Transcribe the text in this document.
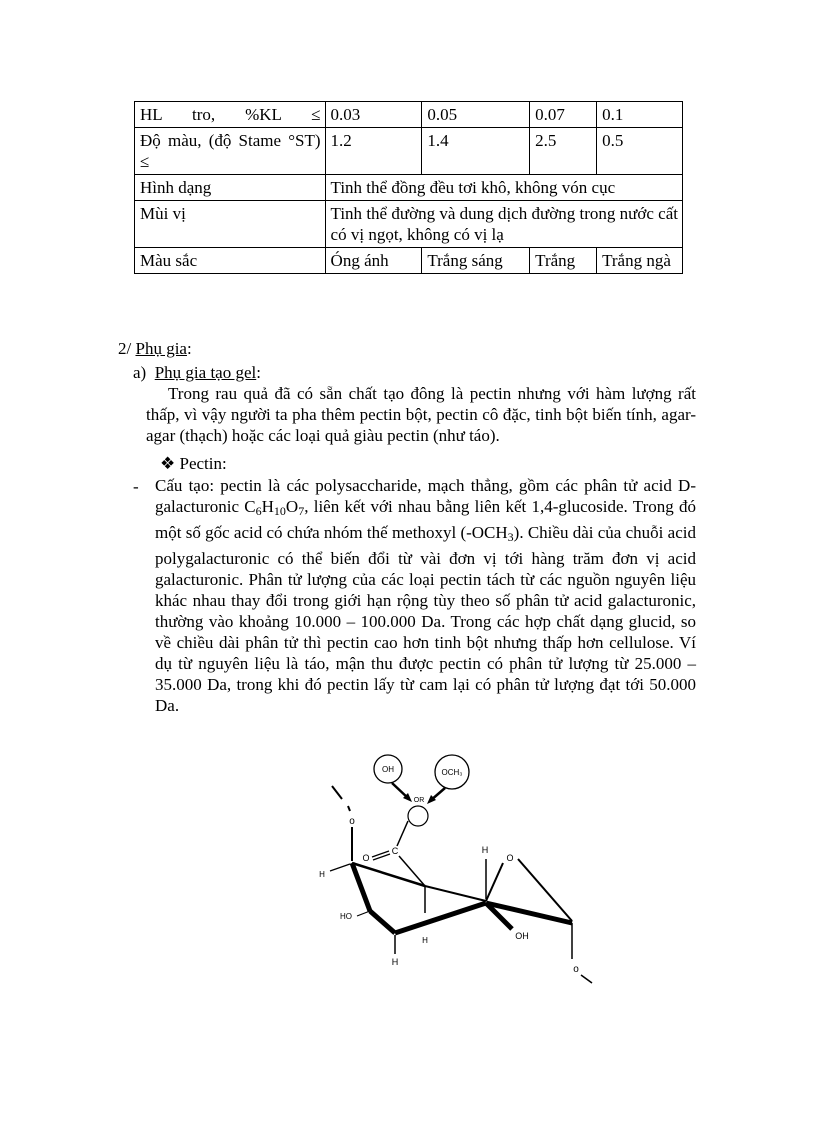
HL tro, %KL ≤	0.03	0.05	0.07	0.1
Độ màu, (độ Stame °ST) ≤	1.2	1.4	2.5	0.5
Hình dạng	Tinh thể đồng đều tơi khô, không vón cục			
Mùi vị	Tinh thể đường và dung dịch đường trong nước cất có vị ngọt, không có vị lạ			
Màu sắc	Óng ánh	Trắng sáng	Trắng	Trắng ngà
2/ Phụ gia:
a) Phụ gia tạo gel:
Trong rau quả đã có sẵn chất tạo đông là pectin nhưng với hàm lượng rất thấp, vì vậy người ta pha thêm pectin bột, pectin cô đặc, tinh bột biến tính, agar-agar (thạch) hoặc các loại quả giàu pectin (như táo).
❖ Pectin:
- Cấu tạo: pectin là các polysaccharide, mạch thẳng, gồm các phân tử acid D-galacturonic C6H10O7, liên kết với nhau bằng liên kết 1,4-glucoside. Trong đó một số gốc acid có chứa nhóm thế methoxyl (-OCH3). Chiều dài của chuỗi acid polygalacturonic có thể biến đổi từ vài đơn vị tới hàng trăm đơn vị acid galacturonic. Phân tử lượng của các loại pectin tách từ các nguồn nguyên liệu khác nhau thay đổi trong giới hạn rộng tùy theo số phân tử acid galacturonic, thường vào khoảng 10.000 – 100.000 Da. Trong các hợp chất dạng glucid, so về chiều dài phân tử thì pectin cao hơn tinh bột nhưng thấp hơn cellulose. Ví dụ từ nguyên liệu là táo, mận thu được pectin có phân tử lượng từ 25.000 – 35.000 Da, trong khi đó pectin lấy từ cam lại có phân tử lượng đạt tới 50.000 Da.
OH	OCH₃
OR
o
C
O	O
H
H
HO
H
H
OH
o
